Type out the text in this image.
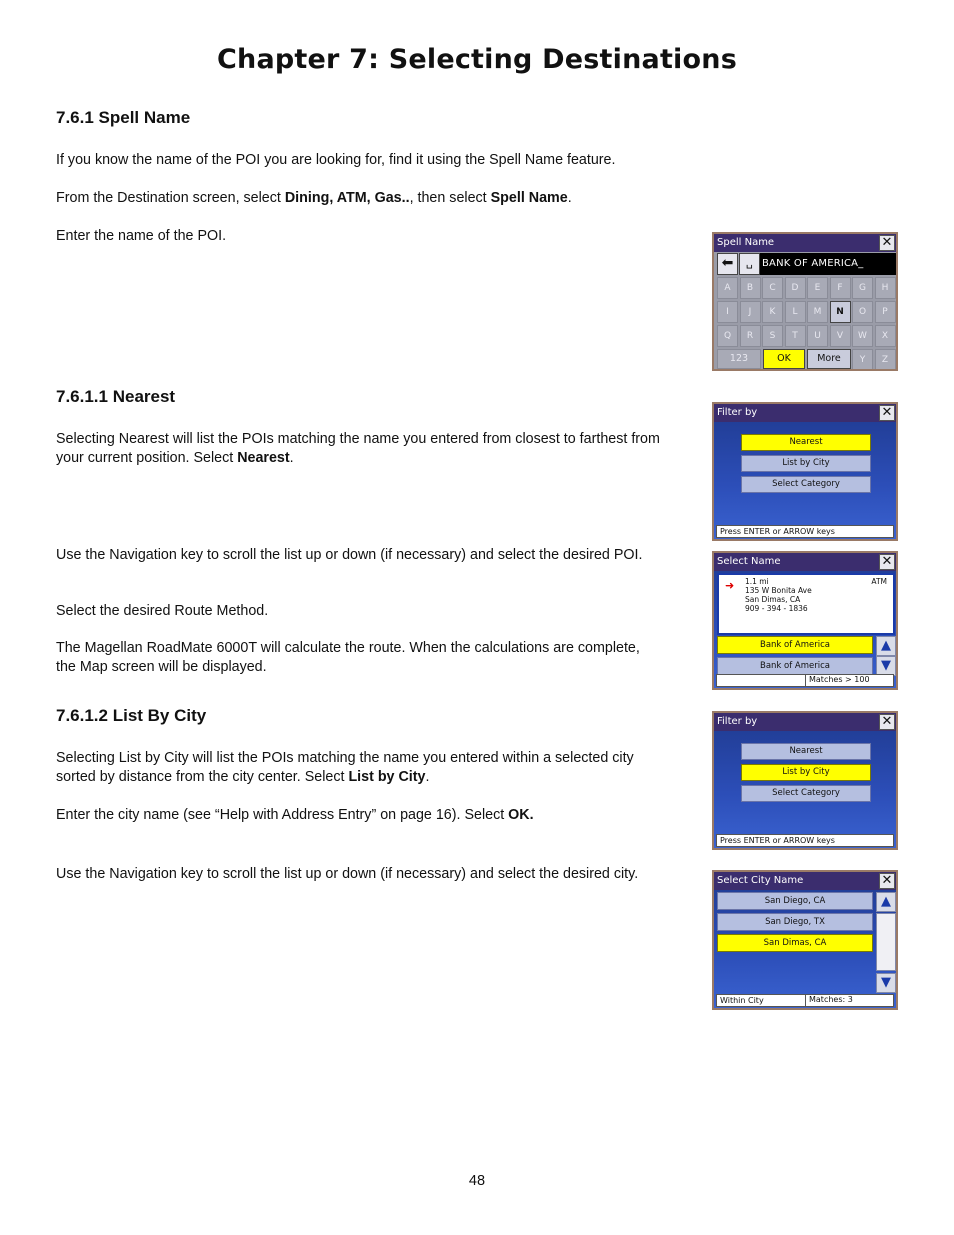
Chapter 7: Selecting Destinations
7.6.1 Spell Name

If you know the name of the POI you are looking for, find it using the Spell Name feature.

From the Destination screen, select Dining, ATM, Gas.., then select Spell Name.

Enter the name of the POI.

7.6.1.1 Nearest

Selecting Nearest will list the POIs matching the name you entered from closest to farthest from your current position. Select Nearest.

Use the Navigation key to scroll the list up or down (if necessary) and select the desired POI.

Select the desired Route Method.

The Magellan RoadMate 6000T will calculate the route. When the calculations are complete, the Map screen will be displayed.

7.6.1.2 List By City

Selecting List by City will list the POIs matching the name you entered within a selected city sorted by distance from the city center. Select List by City.

Enter the city name (see “Help with Address Entry” on page 16). Select OK.

Use the Navigation key to scroll the list up or down (if necessary) and select the desired city.

48
Spell Name	✕
⬅	␣ BANK OF AMERICA_
123	OK	More
A	B	C	D	E	F	G	H
I	J	K	L	M	N	O	P
Q	R	S	T	U	V	W	X
Y	Z
Filter by	✕
Nearest
List by City
Select Category
Press ENTER or ARROW keys
Select Name	✕
➜ 1.1 mi	ATM
135 W Bonita Ave
San Dimas, CA
909 - 394 - 1836
Bank of America
Bank of America
▲
▼
Matches > 100
Filter by	✕
Nearest
List by City
Select Category
Press ENTER or ARROW keys
Select City Name	✕
San Diego, CA
San Diego, TX
San Dimas, CA
▲
▼
Within City	Matches: 3
